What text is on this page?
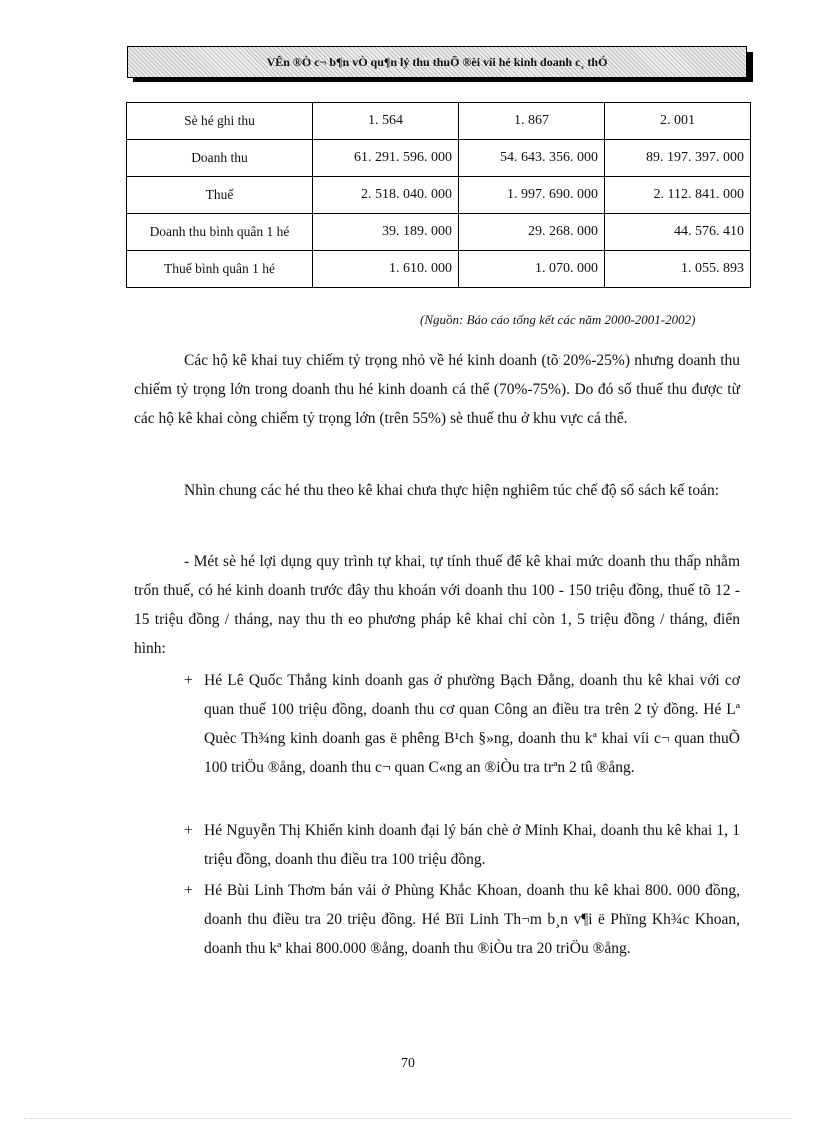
VÊn ®Ò c¬ b¶n vÒ qu¶n lý thu thuÕ ®èi víi hé kinh doanh c¸ thÓ
Sè hé ghi thu	1. 564	1. 867	2. 001
Doanh thu	61. 291. 596. 000	54. 643. 356. 000	89. 197. 397. 000
Thuế	2. 518. 040. 000	1. 997. 690. 000	2. 112. 841. 000
Doanh thu bình quân 1 hé	39. 189. 000	29. 268. 000	44. 576. 410
Thuế bình quân 1 hé	1. 610. 000	1. 070. 000	1. 055. 893
(Nguồn: Báo cáo tổng kết các năm 2000-2001-2002)
Các hộ kê khai tuy chiếm tỷ trọng nhỏ về hé kinh doanh (tõ 20%-25%) nhưng doanh thu chiếm tỷ trọng lớn trong doanh thu hé kinh doanh cá thể (70%-75%). Do đó số thuế thu được từ các hộ kê khai còng chiếm tỷ trọng lớn (trên 55%) sè thuế thu ở khu vực cá thể.
Nhìn chung các hé thu theo kê khai chưa thực hiện nghiêm túc chế độ sổ sách kế toán:
- Mét sè hé lợi dụng quy trình tự khai, tự tính thuế để kê khai mức doanh thu thấp nhằm trốn thuế, có hé kinh doanh trước đây thu khoán với doanh thu 100 - 150 triệu đồng, thuế tõ 12 - 15 triệu đồng / tháng, nay thu th eo phương pháp kê khai chỉ còn 1, 5 triệu đồng / tháng, điển hình:
+ Hé Lê Quốc Thắng kinh doanh gas ở phường Bạch Đằng, doanh thu kê khai với cơ quan thuế 100 triệu đồng, doanh thu cơ quan Công an điều tra trên 2 tỷ đồng. Hé Lª Quèc Th¾ng kinh doanh gas ë phêng B¹ch §»ng, doanh thu kª khai víi c¬ quan thuÕ 100 triÖu ®ång, doanh thu c¬ quan C«ng an ®iÒu tra trªn 2 tû ®ång.
+ Hé Nguyễn Thị Khiển kinh doanh đại lý bán chè ở Minh Khai, doanh thu kê khai 1, 1 triệu đồng, doanh thu điều tra 100 triệu đồng.
+ Hé Bùi Linh Thơm bán vải ở Phùng Khắc Khoan, doanh thu kê khai 800. 000 đồng, doanh thu điều tra 20 triệu đồng. Hé Bïi Linh Th¬m b¸n v¶i ë Phïng Kh¾c Khoan, doanh thu kª khai 800.000 ®ång, doanh thu ®iÒu tra 20 triÖu ®ång.
70
